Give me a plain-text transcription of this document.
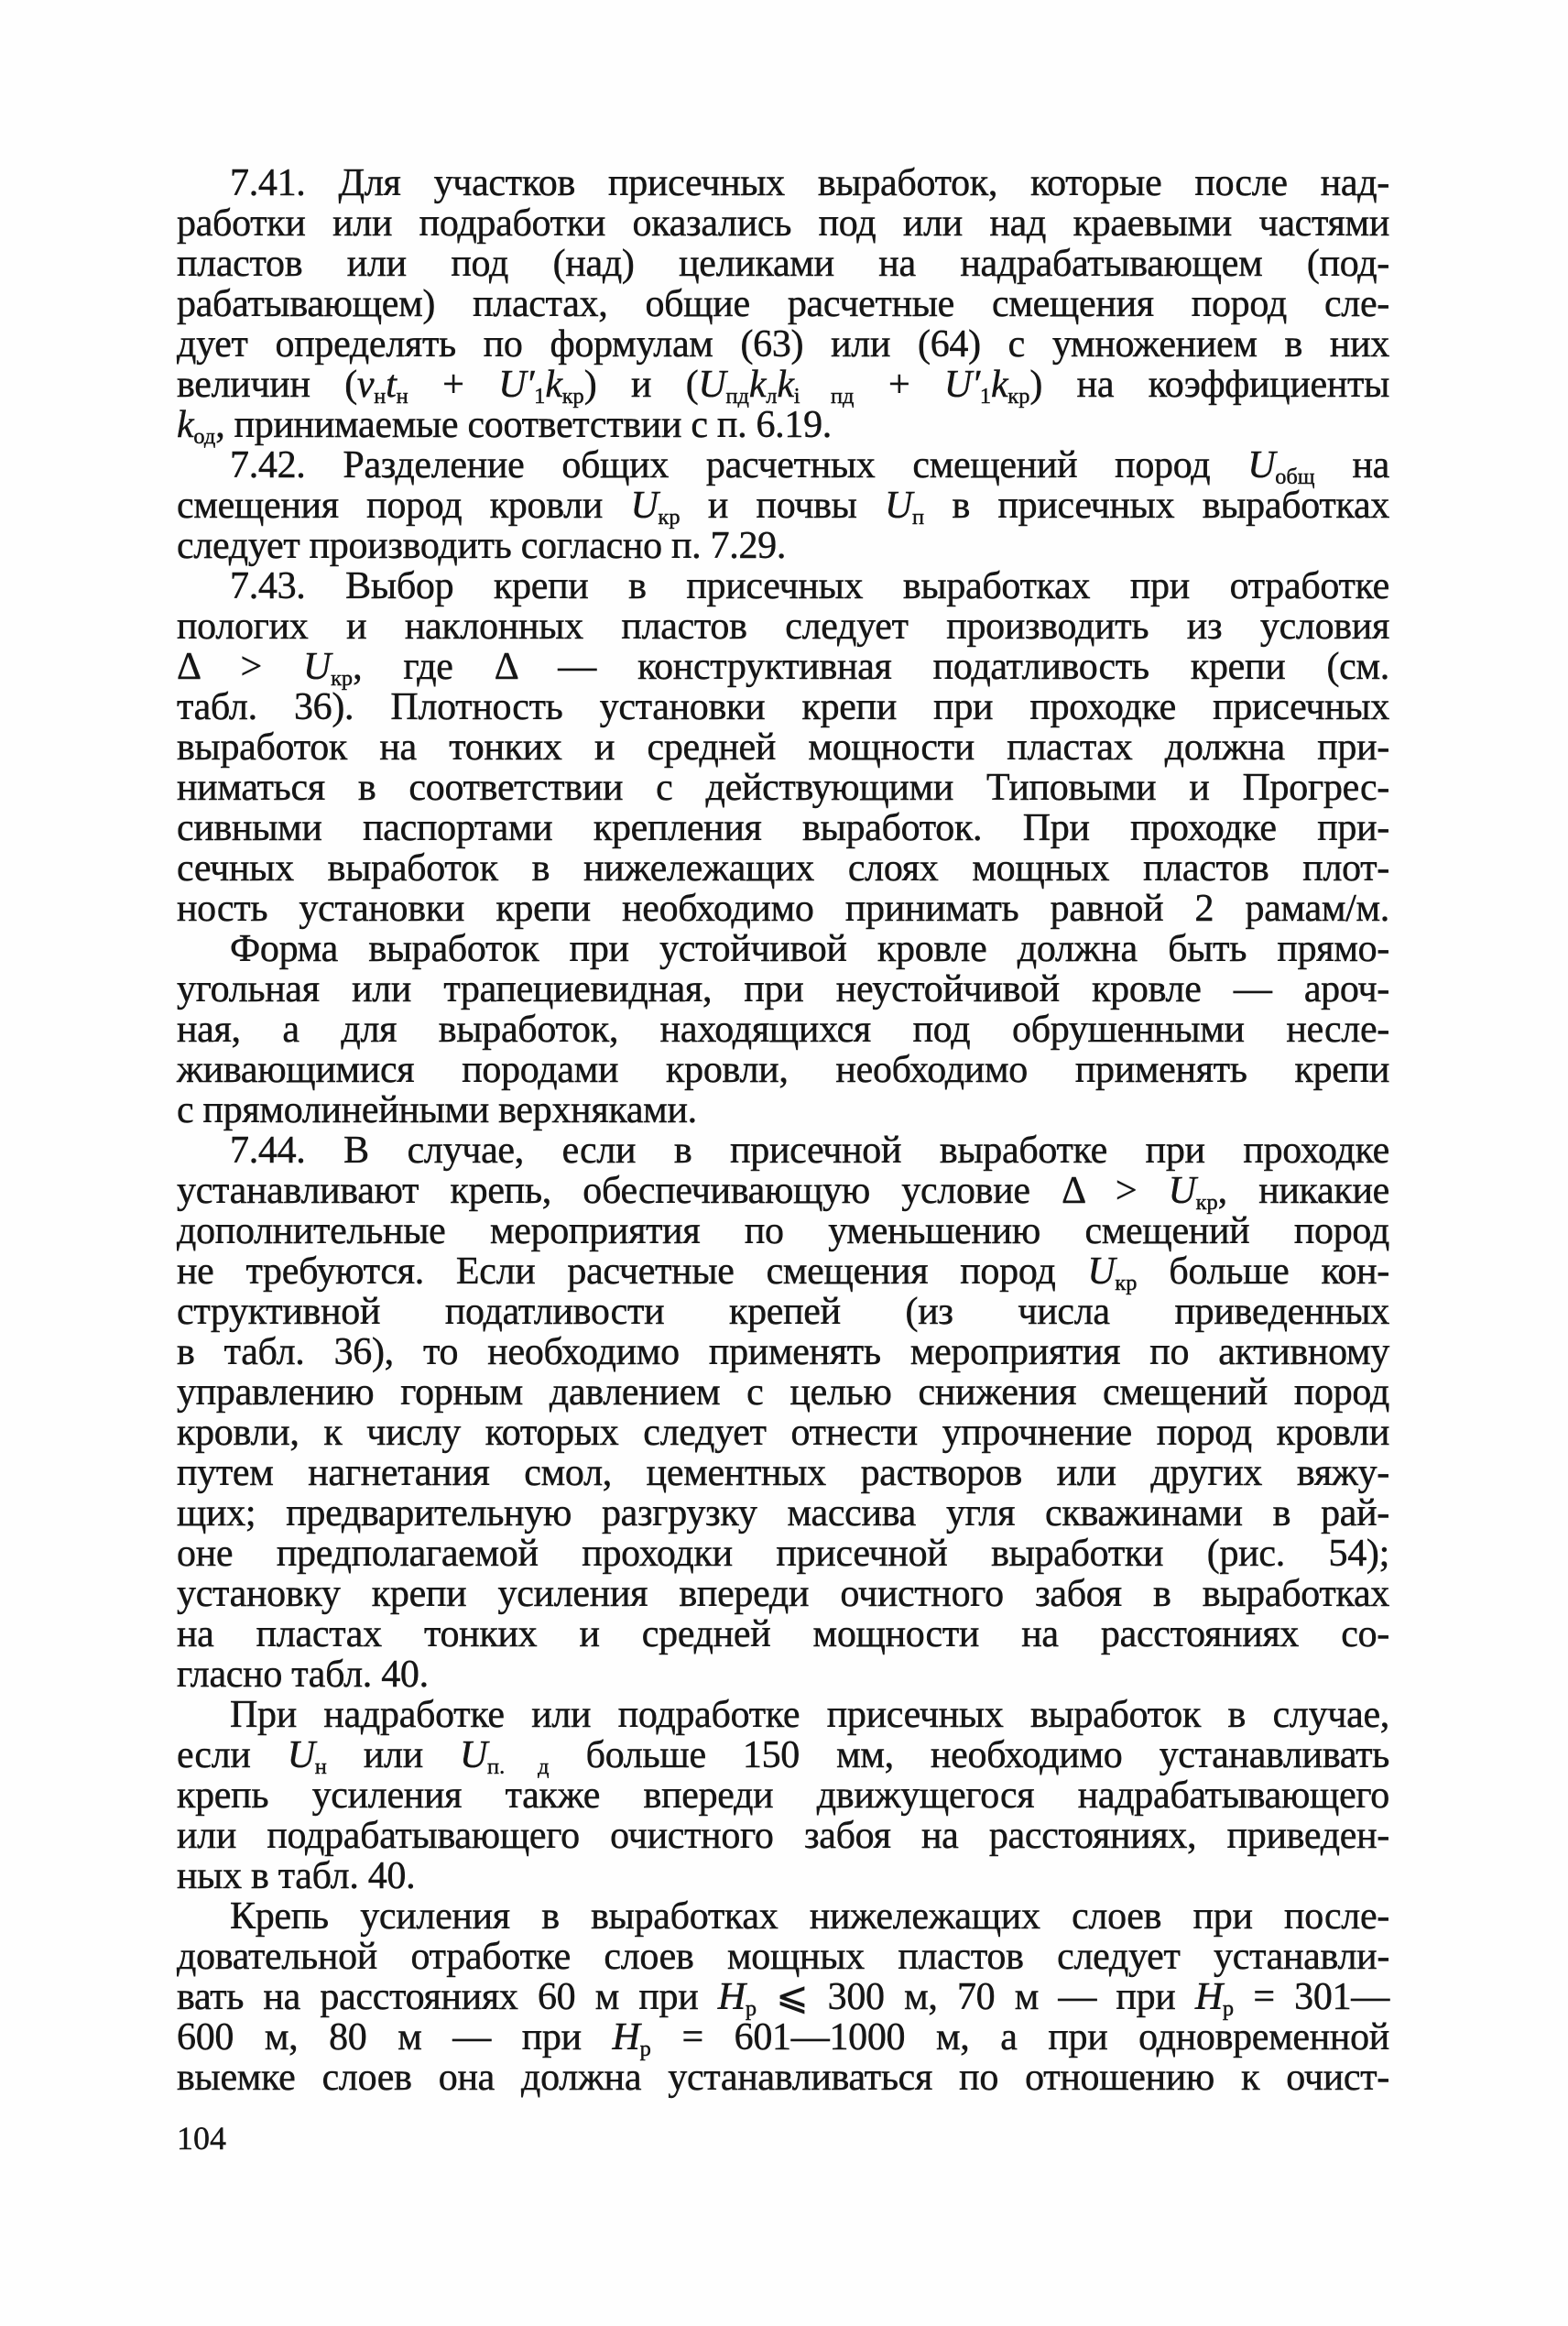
7.41. Для участков присечных выработок, которые после над-
работки или подработки оказались под или над краевыми частями
пластов или под (над) целиками на надрабатывающем (под-
рабатывающем) пластах, общие расчетные смещения пород сле-
дует определять по формулам (63) или (64) с умножением в них
величин $(v_нt_н + U'_1k_{кр})$ и $(U_{пд}k_лk_{i пд} + U'_1k_{кр})$ на коэффициенты
$k_{од}$, принимаемые соответствии с п. 6.19.
7.42. Разделение общих расчетных смещений пород $U_{общ}$ на
смещения пород кровли $U_{кр}$ и почвы $U_п$ в присечных выработках
следует производить согласно п. 7.29.
7.43. Выбор крепи в присечных выработках при отработке
пологих и наклонных пластов следует производить из условия
$\Delta > U_{кр}$, где Δ — конструктивная податливость крепи (см.
табл. 36). Плотность установки крепи при проходке присечных
выработок на тонких и средней мощности пластах должна при-
ниматься в соответствии с действующими Типовыми и Прогрес-
сивными паспортами крепления выработок. При проходке при-
сечных выработок в нижележащих слоях мощных пластов плот-
ность установки крепи необходимо принимать равной 2 рамам/м.
Форма выработок при устойчивой кровле должна быть прямо-
угольная или трапециевидная, при неустойчивой кровле — ароч-
ная, а для выработок, находящихся под обрушенными несле-
живающимися породами кровли, необходимо применять крепи
с прямолинейными верхняками.
7.44. В случае, если в присечной выработке при проходке
устанавливают крепь, обеспечивающую условие $\Delta > U_{кр}$, никакие
дополнительные мероприятия по уменьшению смещений пород
не требуются. Если расчетные смещения пород $U_{кр}$ больше кон-
структивной податливости крепей (из числа приведенных
в табл. 36), то необходимо применять мероприятия по активному
управлению горным давлением с целью снижения смещений пород
кровли, к числу которых следует отнести упрочнение пород кровли
путем нагнетания смол, цементных растворов или других вяжу-
щих; предварительную разгрузку массива угля скважинами в рай-
оне предполагаемой проходки присечной выработки (рис. 54);
установку крепи усиления впереди очистного забоя в выработках
на пластах тонких и средней мощности на расстояниях со-
гласно табл. 40.
При надработке или подработке присечных выработок в случае,
если $U_н$ или $U_{п. д}$ больше 150 мм, необходимо устанавливать
крепь усиления также впереди движущегося надрабатывающего
или подрабатывающего очистного забоя на расстояниях, приведен-
ных в табл. 40.
Крепь усиления в выработках нижележащих слоев при после-
довательной отработке слоев мощных пластов следует устанавли-
вать на расстояниях 60 м при $H_р$ ⩽ 300 м, 70 м — при $H_р$ = 301—
600 м, 80 м — при $H_р$ = 601—1000 м, а при одновременной
выемке слоев она должна устанавливаться по отношению к очист-
104
